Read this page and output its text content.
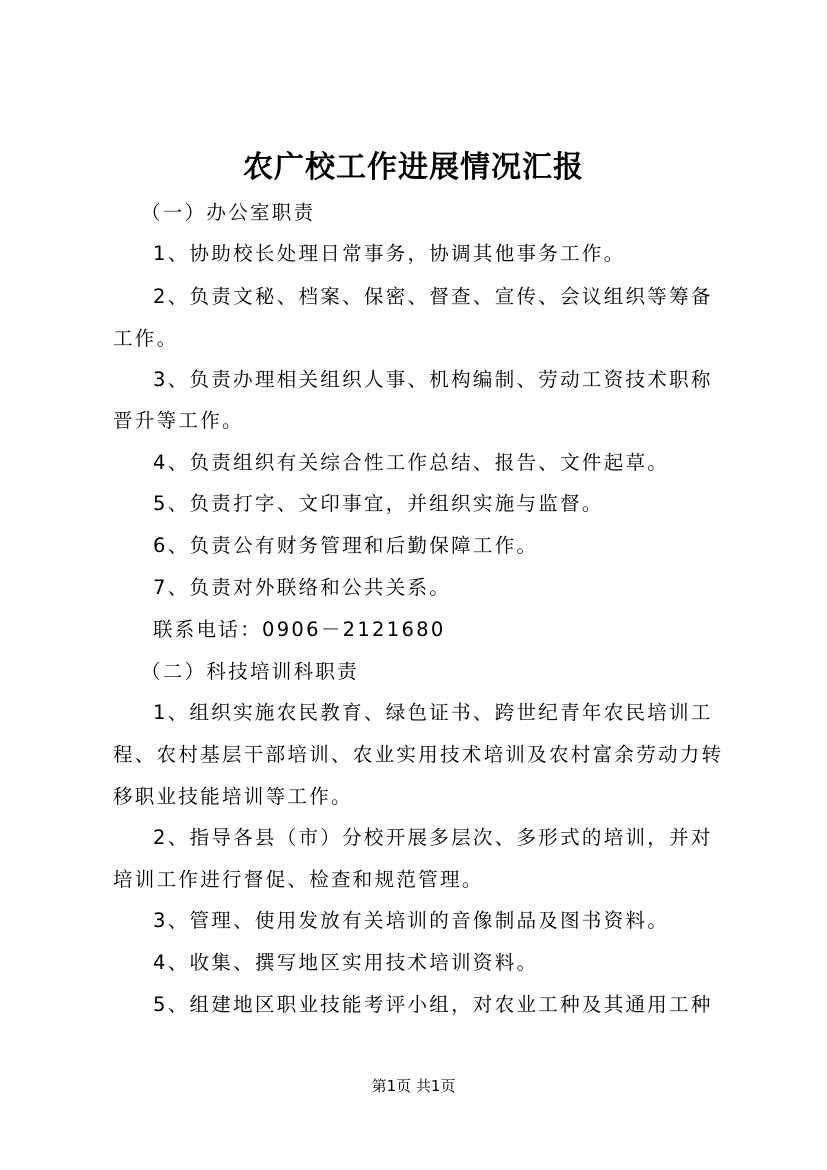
农广校工作进展情况汇报
（一）办公室职责
1、协助校长处理日常事务，协调其他事务工作。
2、负责文秘、档案、保密、督查、宣传、会议组织等筹备
工作。
3、负责办理相关组织人事、机构编制、劳动工资技术职称
晋升等工作。
4、负责组织有关综合性工作总结、报告、文件起草。
5、负责打字、文印事宜，并组织实施与监督。
6、负责公有财务管理和后勤保障工作。
7、负责对外联络和公共关系。
联系电话：0906－2121680
（二）科技培训科职责
1、组织实施农民教育、绿色证书、跨世纪青年农民培训工
程、农村基层干部培训、农业实用技术培训及农村富余劳动力转
移职业技能培训等工作。
2、指导各县（市）分校开展多层次、多形式的培训，并对
培训工作进行督促、检查和规范管理。
3、管理、使用发放有关培训的音像制品及图书资料。
4、收集、撰写地区实用技术培训资料。
5、组建地区职业技能考评小组，对农业工种及其通用工种
第1页 共1页
